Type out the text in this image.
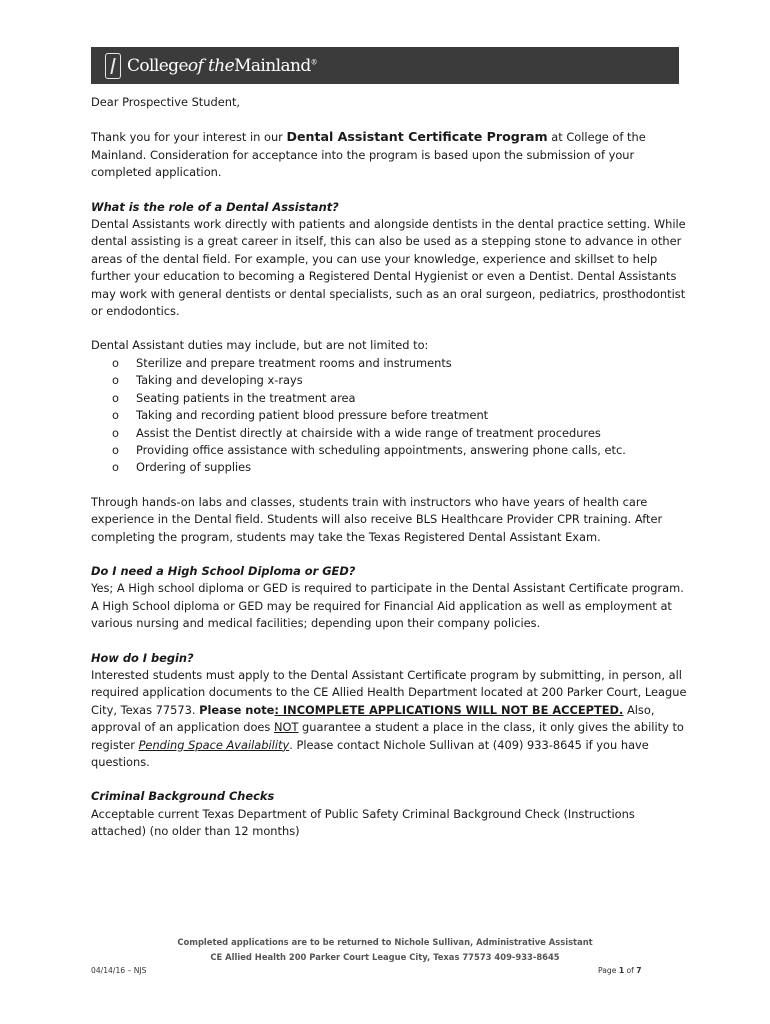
Collegeof theMainland®

Dear Prospective Student,

Thank you for your interest in our Dental Assistant Certificate Program at College of the Mainland. Consideration for acceptance into the program is based upon the submission of your completed application.

What is the role of a Dental Assistant?

Dental Assistants work directly with patients and alongside dentists in the dental practice setting. While dental assisting is a great career in itself, this can also be used as a stepping stone to advance in other areas of the dental field. For example, you can use your knowledge, experience and skillset to help further your education to becoming a Registered Dental Hygienist or even a Dentist. Dental Assistants may work with general dentists or dental specialists, such as an oral surgeon, pediatrics, prosthodontist or endodontics.

Dental Assistant duties may include, but are not limited to:

o Sterilize and prepare treatment rooms and instruments
o Taking and developing x-rays
o Seating patients in the treatment area
o Taking and recording patient blood pressure before treatment
o Assist the Dentist directly at chairside with a wide range of treatment procedures
o Providing office assistance with scheduling appointments, answering phone calls, etc.
o Ordering of supplies

Through hands-on labs and classes, students train with instructors who have years of health care experience in the Dental field. Students will also receive BLS Healthcare Provider CPR training. After completing the program, students may take the Texas Registered Dental Assistant Exam.

Do I need a High School Diploma or GED?

Yes; A High school diploma or GED is required to participate in the Dental Assistant Certificate program. A High School diploma or GED may be required for Financial Aid application as well as employment at various nursing and medical facilities; depending upon their company policies.

How do I begin?

Interested students must apply to the Dental Assistant Certificate program by submitting, in person, all required application documents to the CE Allied Health Department located at 200 Parker Court, League City, Texas 77573. Please note: INCOMPLETE APPLICATIONS WILL NOT BE ACCEPTED. Also, approval of an application does NOT guarantee a student a place in the class, it only gives the ability to register Pending Space Availability. Please contact Nichole Sullivan at (409) 933-8645 if you have questions.

Criminal Background Checks

Acceptable current Texas Department of Public Safety Criminal Background Check (Instructions attached) (no older than 12 months)

Completed applications are to be returned to Nichole Sullivan, Administrative Assistant
CE Allied Health 200 Parker Court League City, Texas 77573 409-933-8645
04/14/16 – NJS	Page 1 of 7
